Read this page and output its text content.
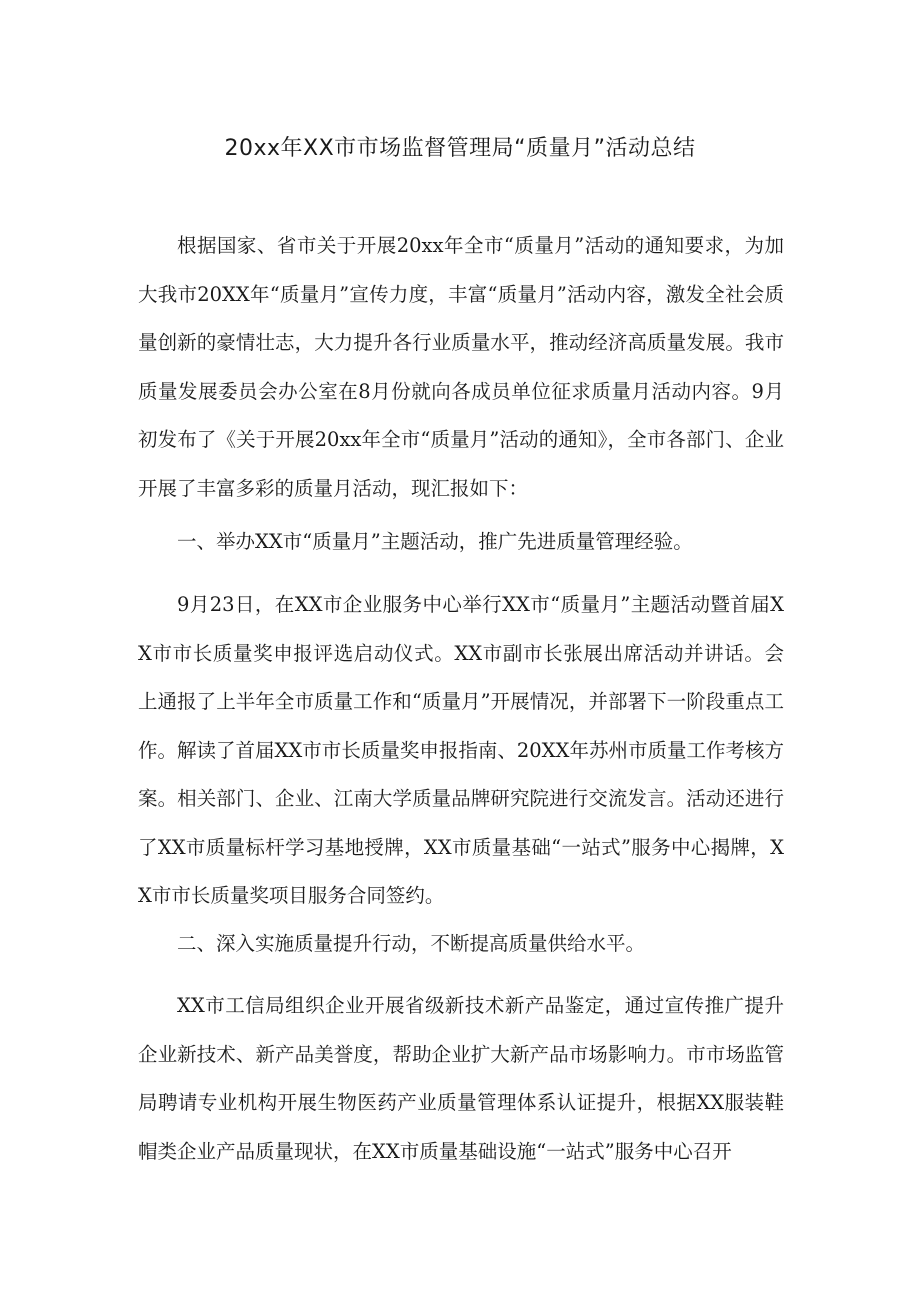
20xx年XX市市场监督管理局“质量月”活动总结

根据国家、省市关于开展20xx年全市“质量月”活动的通知要求，为加大我市20XX年“质量月”宣传力度，丰富“质量月”活动内容，激发全社会质量创新的豪情壮志，大力提升各行业质量水平，推动经济高质量发展。我市质量发展委员会办公室在8月份就向各成员单位征求质量月活动内容。9月初发布了《关于开展20xx年全市“质量月”活动的通知》，全市各部门、企业开展了丰富多彩的质量月活动，现汇报如下：

一、举办XX市“质量月”主题活动，推广先进质量管理经验。

9月23日，在XX市企业服务中心举行XX市“质量月”主题活动暨首届XX市市长质量奖申报评选启动仪式。XX市副市长张展出席活动并讲话。会上通报了上半年全市质量工作和“质量月”开展情况，并部署下一阶段重点工作。解读了首届XX市市长质量奖申报指南、20XX年苏州市质量工作考核方案。相关部门、企业、江南大学质量品牌研究院进行交流发言。活动还进行了XX市质量标杆学习基地授牌，XX市质量基础“一站式”服务中心揭牌，XX市市长质量奖项目服务合同签约。

二、深入实施质量提升行动，不断提高质量供给水平。

XX市工信局组织企业开展省级新技术新产品鉴定，通过宣传推广提升企业新技术、新产品美誉度，帮助企业扩大新产品市场影响力。市市场监管局聘请专业机构开展生物医药产业质量管理体系认证提升，根据XX服装鞋帽类企业产品质量现状，在XX市质量基础设施“一站式”服务中心召开
